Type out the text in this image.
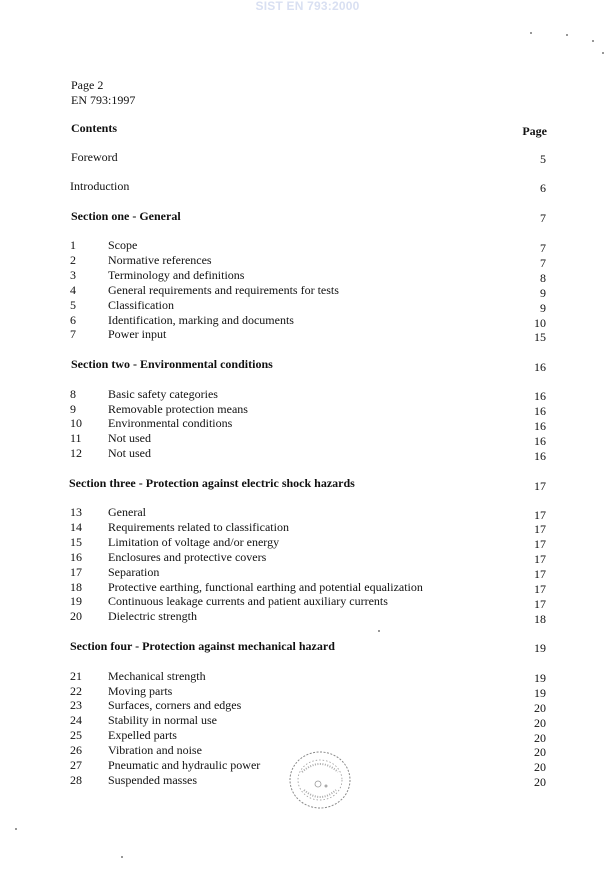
SIST EN 793:2000
Page 2
EN 793:1997
Contents	Page
Foreword	5
Introduction	6
Section one - General	7
1	Scope	7
2	Normative references	7
3	Terminology and definitions	8
4	General requirements and requirements for tests	9
5	Classification	9
6	Identification, marking and documents	10
7	Power input	15
Section two - Environmental conditions	16
8	Basic safety categories	16
9	Removable protection means	16
10 Environmental conditions	16
11 Not used	16
12 Not used	16
Section three - Protection against electric shock hazards	17
13 General	17
14 Requirements related to classification	17
15 Limitation of voltage and/or energy	17
16 Enclosures and protective covers	17
17 Separation	17
18 Protective earthing, functional earthing and potential equalization	17
19 Continuous leakage currents and patient auxiliary currents	17
20 Dielectric strength	18
Section four - Protection against mechanical hazard	19
21 Mechanical strength	19
22 Moving parts	19
23 Surfaces, corners and edges	20
24 Stability in normal use	20
25 Expelled parts	20
26 Vibration and noise	20
27 Pneumatic and hydraulic power	20
28 Suspended masses	20
